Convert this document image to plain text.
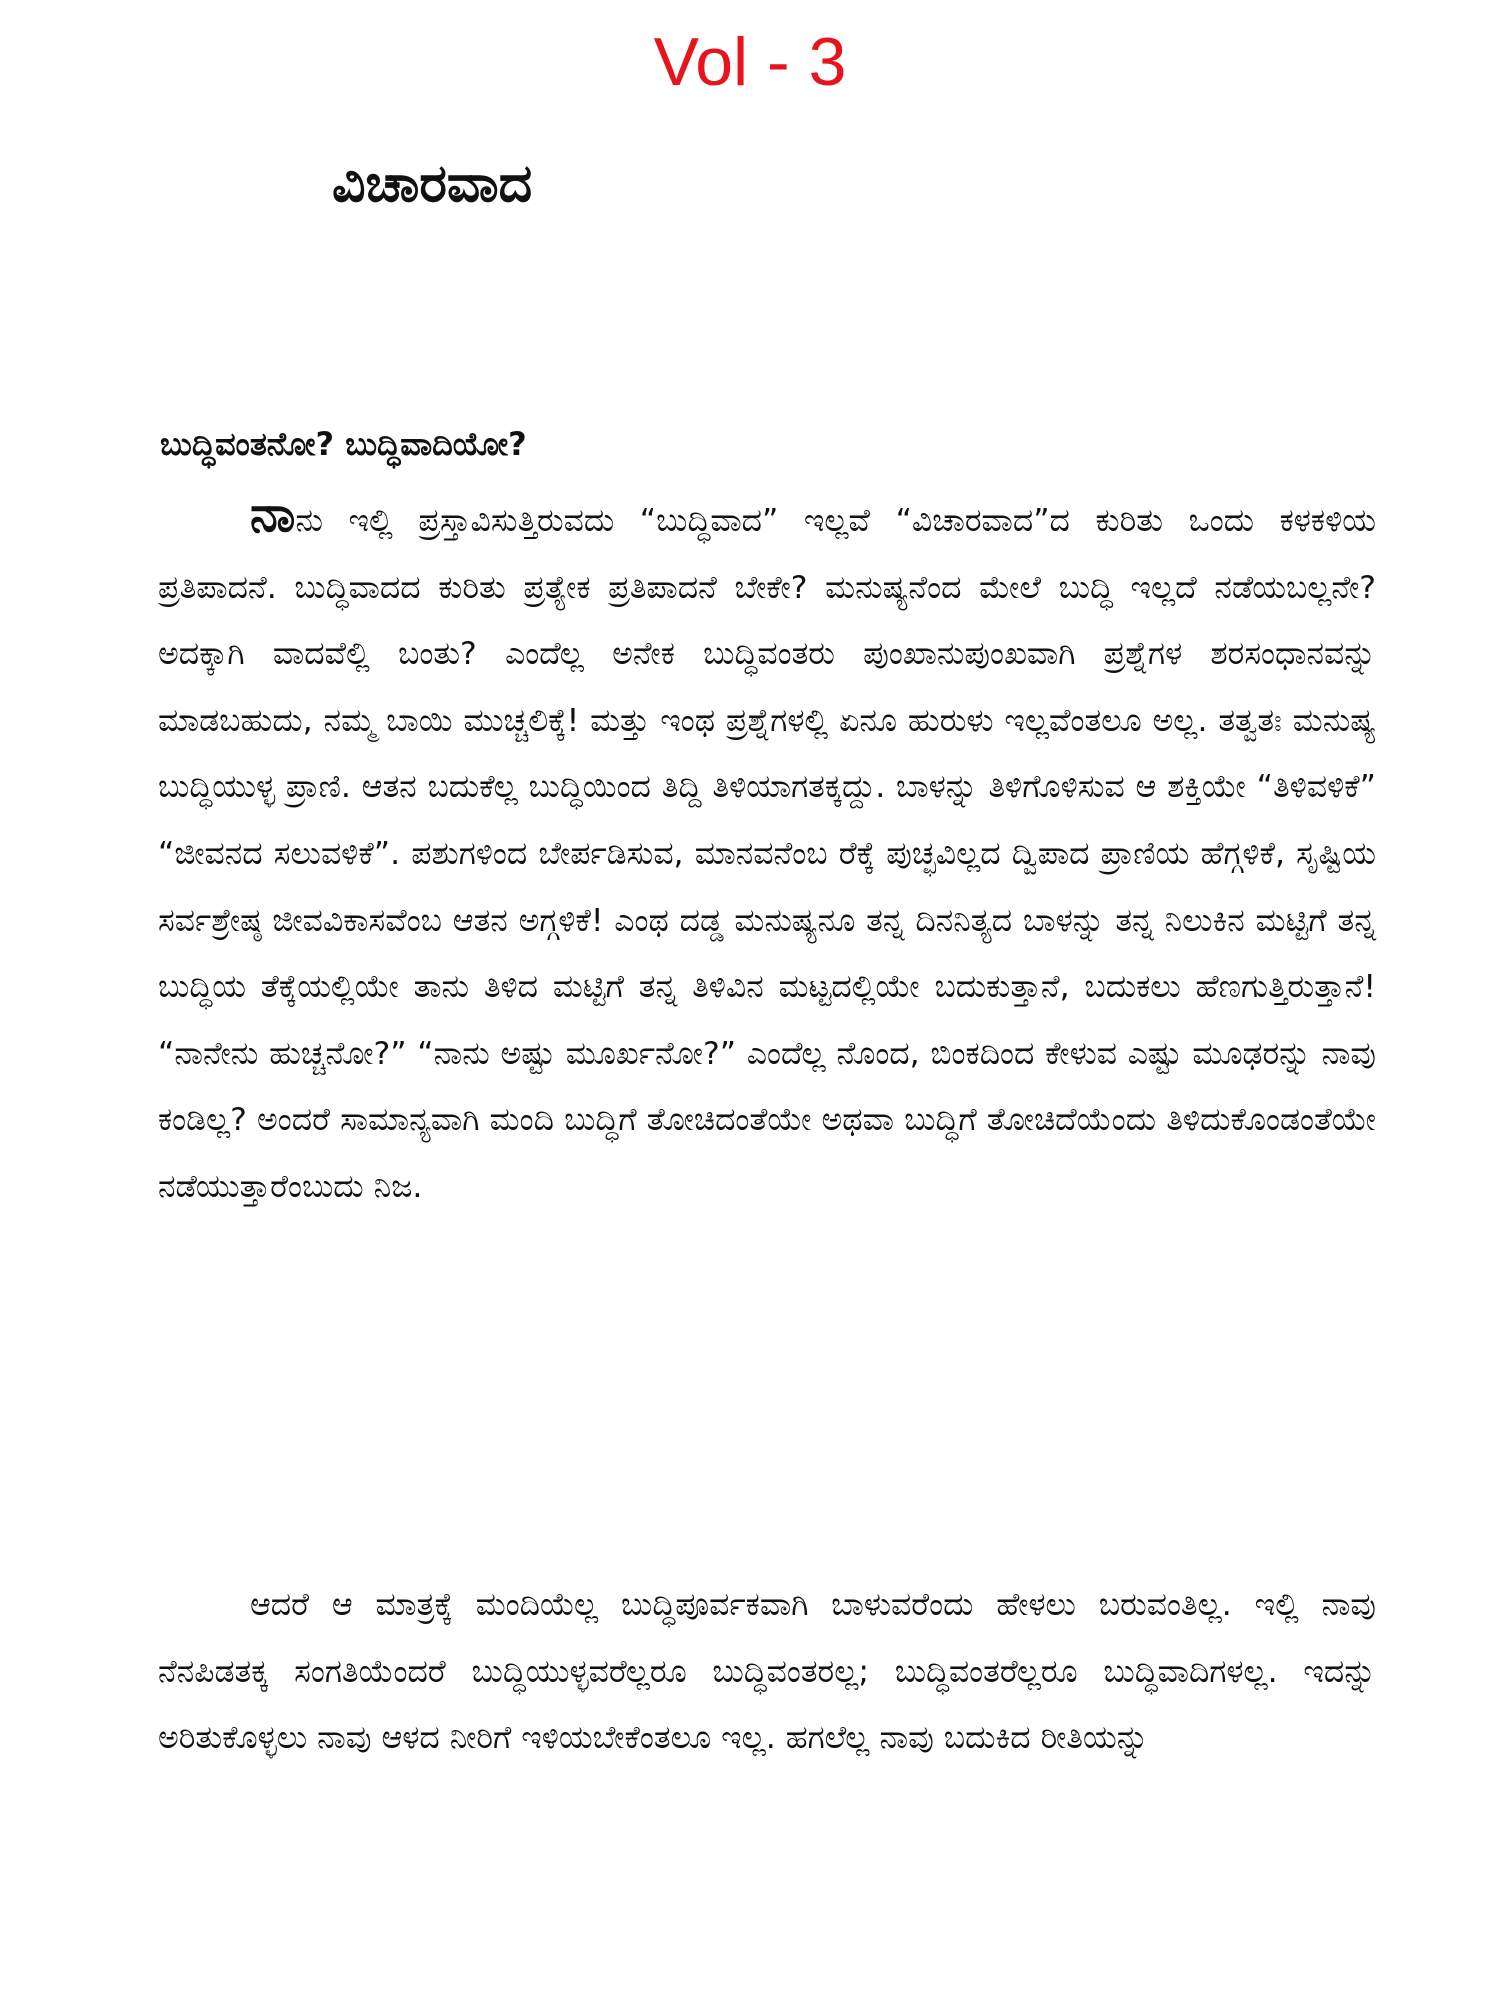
Vol - 3
ವಿಚಾರವಾದ
ಬುದ್ಧಿವಂತನೋ? ಬುದ್ಧಿವಾದಿಯೋ?

ನಾನು ಇಲ್ಲಿ ಪ್ರಸ್ತಾವಿಸುತ್ತಿರುವದು “ಬುದ್ಧಿವಾದ” ಇಲ್ಲವೆ “ವಿಚಾರವಾದ”ದ ಕುರಿತು ಒಂದು ಕಳಕಳಿಯ ಪ್ರತಿಪಾದನೆ. ಬುದ್ಧಿವಾದದ ಕುರಿತು ಪ್ರತ್ಯೇಕ ಪ್ರತಿಪಾದನೆ ಬೇಕೇ? ಮನುಷ್ಯನೆಂದ ಮೇಲೆ ಬುದ್ಧಿ ಇಲ್ಲದೆ ನಡೆಯಬಲ್ಲನೇ? ಅದಕ್ಕಾಗಿ ವಾದವೆಲ್ಲಿ ಬಂತು? ಎಂದೆಲ್ಲ ಅನೇಕ ಬುದ್ಧಿವಂತರು ಪುಂಖಾನುಪುಂಖವಾಗಿ ಪ್ರಶ್ನೆಗಳ ಶರಸಂಧಾನವನ್ನು ಮಾಡಬಹುದು, ನಮ್ಮ ಬಾಯಿ ಮುಚ್ಚಲಿಕ್ಕೆ! ಮತ್ತು ಇಂಥ ಪ್ರಶ್ನೆಗಳಲ್ಲಿ ಏನೂ ಹುರುಳು ಇಲ್ಲವೆಂತಲೂ ಅಲ್ಲ. ತತ್ವತಃ ಮನುಷ್ಯ ಬುದ್ಧಿಯುಳ್ಳ ಪ್ರಾಣಿ. ಆತನ ಬದುಕೆಲ್ಲ ಬುದ್ಧಿಯಿಂದ ತಿದ್ದಿ ತಿಳಿಯಾಗತಕ್ಕದ್ದು. ಬಾಳನ್ನು ತಿಳಿಗೊಳಿಸುವ ಆ ಶಕ್ತಿಯೇ “ತಿಳಿವಳಿಕೆ” “ಜೀವನದ ಸಲುವಳಿಕೆ”. ಪಶುಗಳಿಂದ ಬೇರ್ಪಡಿಸುವ, ಮಾನವನೆಂಬ ರೆಕ್ಕೆ ಪುಚ್ಛವಿಲ್ಲದ ದ್ವಿಪಾದ ಪ್ರಾಣಿಯ ಹೆಗ್ಗಳಿಕೆ, ಸೃಷ್ಟಿಯ ಸರ್ವಶ್ರೇಷ್ಠ ಜೀವವಿಕಾಸವೆಂಬ ಆತನ ಅಗ್ಗಳಿಕೆ! ಎಂಥ ದಡ್ಡ ಮನುಷ್ಯನೂ ತನ್ನ ದಿನನಿತ್ಯದ ಬಾಳನ್ನು ತನ್ನ ನಿಲುಕಿನ ಮಟ್ಟಿಗೆ ತನ್ನ ಬುದ್ಧಿಯ ತೆಕ್ಕೆಯಲ್ಲಿಯೇ ತಾನು ತಿಳಿದ ಮಟ್ಟಿಗೆ ತನ್ನ ತಿಳಿವಿನ ಮಟ್ಟದಲ್ಲಿಯೇ ಬದುಕುತ್ತಾನೆ, ಬದುಕಲು ಹೆಣಗುತ್ತಿರುತ್ತಾನೆ! “ನಾನೇನು ಹುಚ್ಚನೋ?” “ನಾನು ಅಷ್ಟು ಮೂರ್ಖನೋ?” ಎಂದೆಲ್ಲ ನೊಂದ, ಬಿಂಕದಿಂದ ಕೇಳುವ ಎಷ್ಟು ಮೂಢರನ್ನು ನಾವು ಕಂಡಿಲ್ಲ? ಅಂದರೆ ಸಾಮಾನ್ಯವಾಗಿ ಮಂದಿ ಬುದ್ಧಿಗೆ ತೋಚಿದಂತೆಯೇ ಅಥವಾ ಬುದ್ಧಿಗೆ ತೋಚಿದೆಯೆಂದು ತಿಳಿದುಕೊಂಡಂತೆಯೇ ನಡೆಯುತ್ತಾರೆಂಬುದು ನಿಜ.

ಆದರೆ ಆ ಮಾತ್ರಕ್ಕೆ ಮಂದಿಯೆಲ್ಲ ಬುದ್ಧಿಪೂರ್ವಕವಾಗಿ ಬಾಳುವರೆಂದು ಹೇಳಲು ಬರುವಂತಿಲ್ಲ. ಇಲ್ಲಿ ನಾವು ನೆನಪಿಡತಕ್ಕ ಸಂಗತಿಯೆಂದರೆ ಬುದ್ಧಿಯುಳ್ಳವರೆಲ್ಲರೂ ಬುದ್ಧಿವಂತರಲ್ಲ; ಬುದ್ಧಿವಂತರೆಲ್ಲರೂ ಬುದ್ಧಿವಾದಿಗಳಲ್ಲ. ಇದನ್ನು ಅರಿತುಕೊಳ್ಳಲು ನಾವು ಆಳದ ನೀರಿಗೆ ಇಳಿಯಬೇಕೆಂತಲೂ ಇಲ್ಲ. ಹಗಲೆಲ್ಲ ನಾವು ಬದುಕಿದ ರೀತಿಯನ್ನು
